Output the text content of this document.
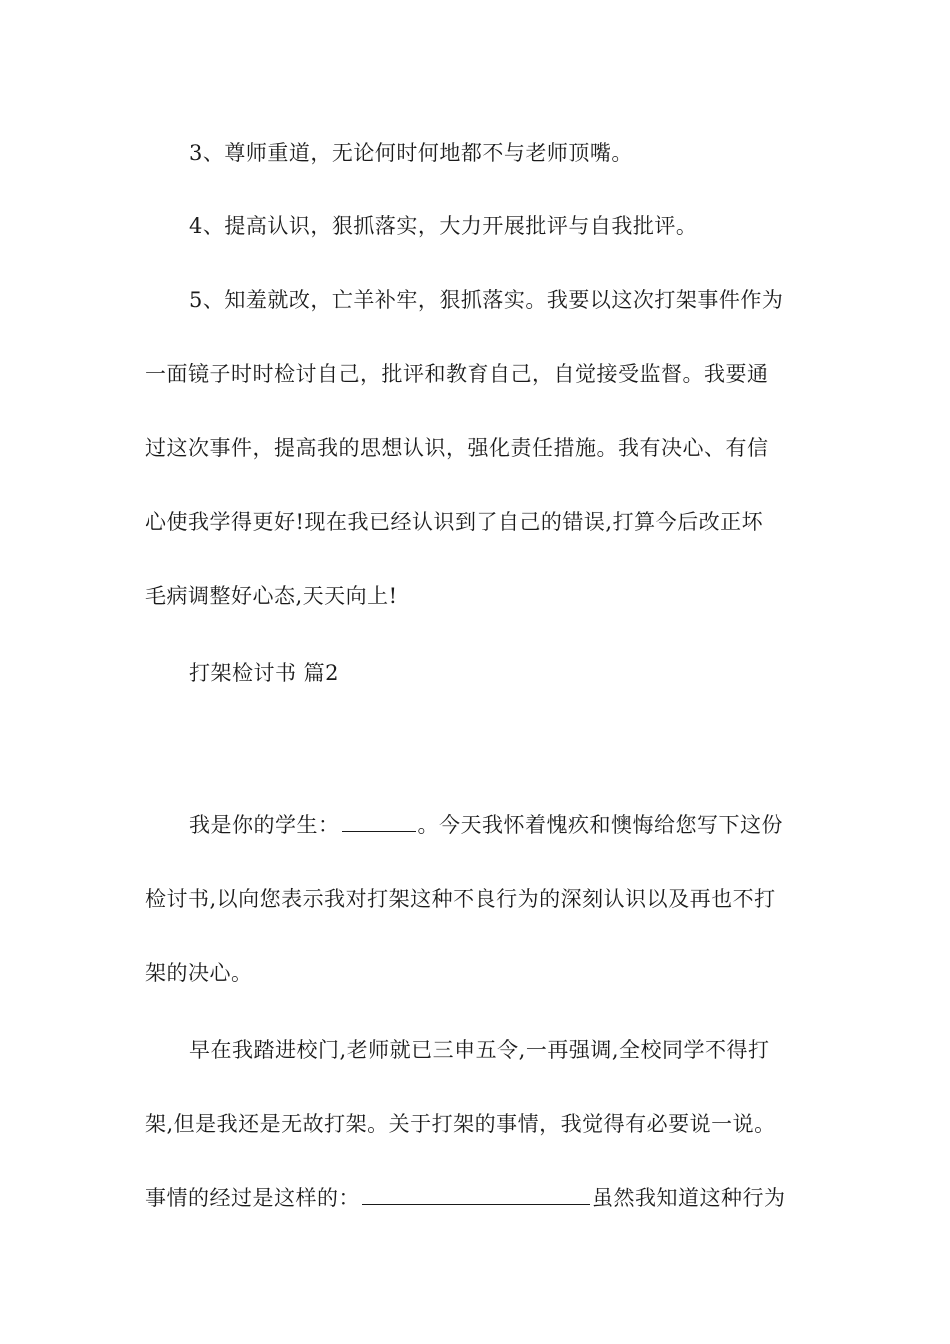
3、尊师重道，无论何时何地都不与老师顶嘴。
4、提高认识，狠抓落实，大力开展批评与自我批评。
5、知羞就改，亡羊补牢，狠抓落实。我要以这次打架事件作为
一面镜子时时检讨自己，批评和教育自己，自觉接受监督。我要通
过这次事件，提高我的思想认识，强化责任措施。我有决心、有信
心使我学得更好!现在我已经认识到了自己的错误,打算今后改正坏
毛病调整好心态,天天向上!
打架检讨书 篇2
我是你的学生：	。今天我怀着愧疚和懊悔给您写下这份
检讨书,以向您表示我对打架这种不良行为的深刻认识以及再也不打
架的决心。
早在我踏进校门,老师就已三申五令,一再强调,全校同学不得打
架,但是我还是无故打架。关于打架的事情，我觉得有必要说一说。
事情的经过是这样的：	虽然我知道这种行为
